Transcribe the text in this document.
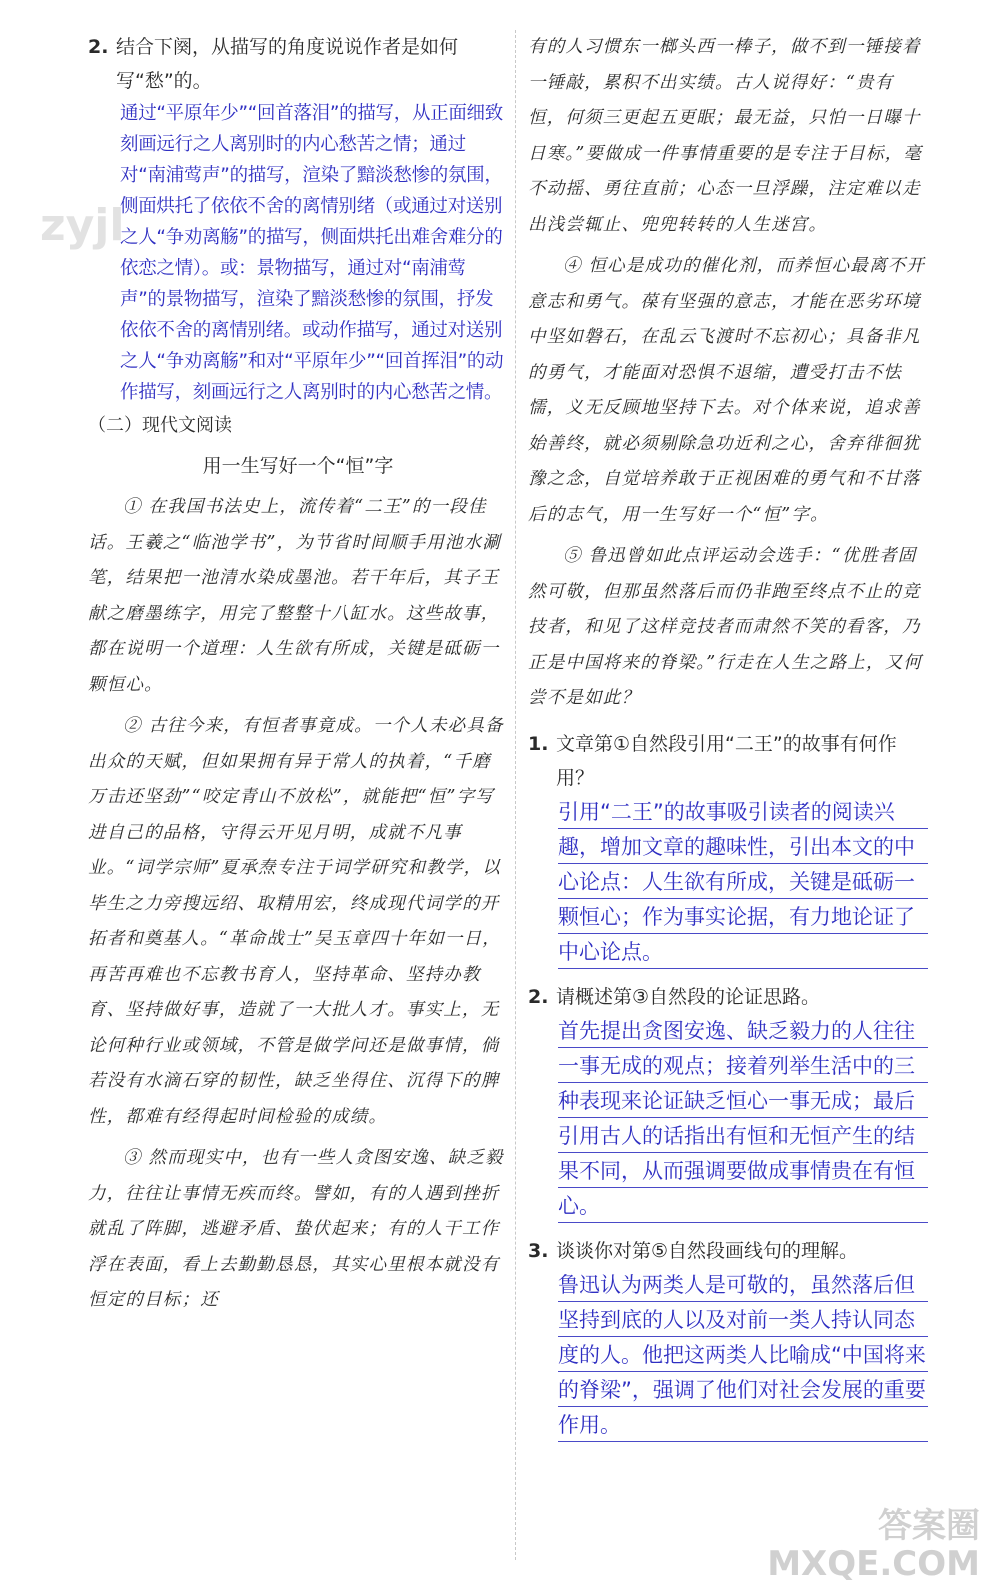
zyjl
2. 结合下阕，从描写的角度说说作者是如何写“愁”的。

通过“平原年少”“回首落泪”的描写，从正面细致刻画远行之人离别时的内心愁苦之情；通过对“南浦莺声”的描写，渲染了黯淡愁惨的氛围，侧面烘托了依依不舍的离情别绪（或通过对送别之人“争劝离觞”的描写，侧面烘托出难舍难分的依恋之情）。或：景物描写，通过对“南浦莺声”的景物描写，渲染了黯淡愁惨的氛围，抒发依依不舍的离情别绪。或动作描写，通过对送别之人“争劝离觞”和对“平原年少”“回首挥泪”的动作描写，刻画远行之人离别时的内心愁苦之情。

（二）现代文阅读
用一生写好一个“恒”字

① 在我国书法史上，流传着“二王”的一段佳话。王羲之“临池学书”，为节省时间顺手用池水涮笔，结果把一池清水染成墨池。若干年后，其子王献之磨墨练字，用完了整整十八缸水。这些故事，都在说明一个道理：人生欲有所成，关键是砥砺一颗恒心。

② 古往今来，有恒者事竟成。一个人未必具备出众的天赋，但如果拥有异于常人的执着，“千磨万击还坚劲”“咬定青山不放松”，就能把“恒”字写进自己的品格，守得云开见月明，成就不凡事业。“词学宗师”夏承焘专注于词学研究和教学，以毕生之力旁搜远绍、取精用宏，终成现代词学的开拓者和奠基人。“革命战士”吴玉章四十年如一日，再苦再难也不忘教书育人，坚持革命、坚持办教育、坚持做好事，造就了一大批人才。事实上，无论何种行业或领域，不管是做学问还是做事情，倘若没有水滴石穿的韧性，缺乏坐得住、沉得下的脾性，都难有经得起时间检验的成绩。

③ 然而现实中，也有一些人贪图安逸、缺乏毅力，往往让事情无疾而终。譬如，有的人遇到挫折就乱了阵脚，逃避矛盾、蛰伏起来；有的人干工作浮在表面，看上去勤勤恳恳，其实心里根本就没有恒定的目标；还

有的人习惯东一榔头西一棒子，做不到一锤接着一锤敲，累积不出实绩。古人说得好：“贵有恒，何须三更起五更眠；最无益，只怕一日曝十日寒。”要做成一件事情重要的是专注于目标，毫不动摇、勇往直前；心态一旦浮躁，注定难以走出浅尝辄止、兜兜转转的人生迷宫。

④ 恒心是成功的催化剂，而养恒心最离不开意志和勇气。葆有坚强的意志，才能在恶劣环境中坚如磐石，在乱云飞渡时不忘初心；具备非凡的勇气，才能面对恐惧不退缩，遭受打击不怯懦，义无反顾地坚持下去。对个体来说，追求善始善终，就必须剔除急功近利之心，舍弃徘徊犹豫之念，自觉培养敢于正视困难的勇气和不甘落后的志气，用一生写好一个“恒”字。

⑤ 鲁迅曾如此点评运动会选手：“优胜者固然可敬，但那虽然落后而仍非跑至终点不止的竞技者，和见了这样竞技者而肃然不笑的看客，乃正是中国将来的脊梁。”行走在人生之路上，又何尝不是如此？

1. 文章第①自然段引用“二王”的故事有何作用？

引用“二王”的故事吸引读者的阅读兴趣，增加文章的趣味性，引出本文的中心论点：人生欲有所成，关键是砥砺一颗恒心；作为事实论据，有力地论证了中心论点。

2. 请概述第③自然段的论证思路。

首先提出贪图安逸、缺乏毅力的人往往一事无成的观点；接着列举生活中的三种表现来论证缺乏恒心一事无成；最后引用古人的话指出有恒和无恒产生的结果不同，从而强调要做成事情贵在有恒心。

3. 谈谈你对第⑤自然段画线句的理解。

鲁迅认为两类人是可敬的，虽然落后但坚持到底的人以及对前一类人持认同态度的人。他把这两类人比喻成“中国将来的脊梁”，强调了他们对社会发展的重要作用。

答案圈
MXQE.COM
